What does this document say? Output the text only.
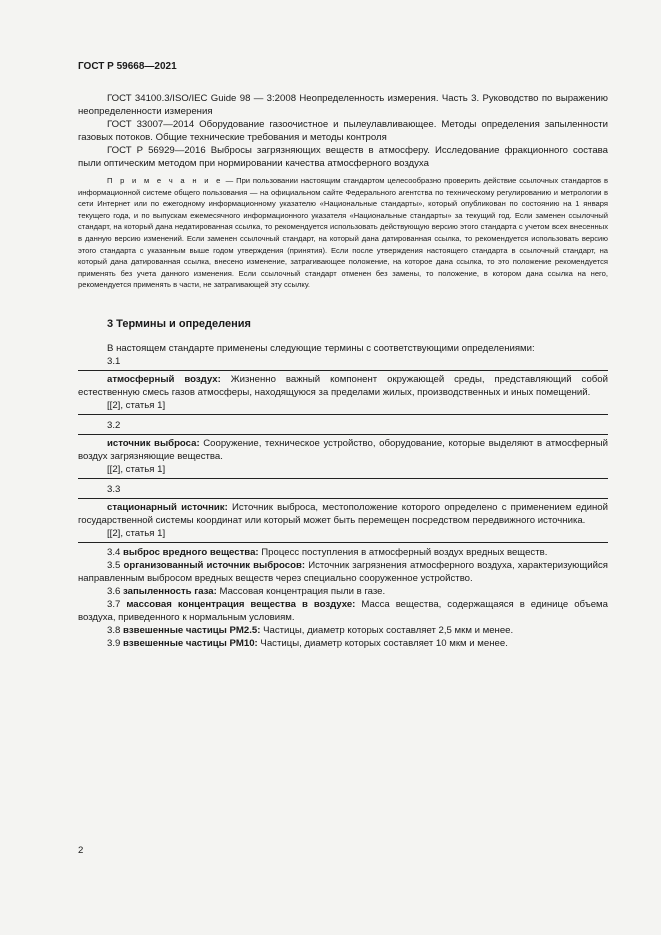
ГОСТ Р 59668—2021

ГОСТ 34100.3/ISO/IEC Guide 98 — 3:2008 Неопределенность измерения. Часть 3. Руководство по выражению неопределенности измерения

ГОСТ 33007—2014 Оборудование газоочистное и пылеулавливающее. Методы определения запыленности газовых потоков. Общие технические требования и методы контроля

ГОСТ Р 56929—2016 Выбросы загрязняющих веществ в атмосферу. Исследование фракционного состава пыли оптическим методом при нормировании качества атмосферного воздуха

П р и м е ч а н и е — При пользовании настоящим стандартом целесообразно проверить действие ссылочных стандартов в информационной системе общего пользования — на официальном сайте Федерального агентства по техническому регулированию и метрологии в сети Интернет или по ежегодному информационному указателю «Национальные стандарты», который опубликован по состоянию на 1 января текущего года, и по выпускам ежемесячного информационного указателя «Национальные стандарты» за текущий год. Если заменен ссылочный стандарт, на который дана недатированная ссылка, то рекомендуется использовать действующую версию этого стандарта с учетом всех внесенных в данную версию изменений. Если заменен ссылочный стандарт, на который дана датированная ссылка, то рекомендуется использовать версию этого стандарта с указанным выше годом утверждения (принятия). Если после утверждения настоящего стандарта в ссылочный стандарт, на который дана датированная ссылка, внесено изменение, затрагивающее положение, на которое дана ссылка, то это положение рекомендуется применять без учета данного изменения. Если ссылочный стандарт отменен без замены, то положение, в котором дана ссылка на него, рекомендуется применять в части, не затрагивающей эту ссылку.

3 Термины и определения

В настоящем стандарте применены следующие термины с соответствующими определениями:

3.1

атмосферный воздух: Жизненно важный компонент окружающей среды, представляющий собой естественную смесь газов атмосферы, находящуюся за пределами жилых, производственных и иных помещений.

[[2], статья 1]
3.2

источник выброса: Сооружение, техническое устройство, оборудование, которые выделяют в атмосферный воздух загрязняющие вещества.

[[2], статья 1]
3.3

стационарный источник: Источник выброса, местоположение которого определено с применением единой государственной системы координат или который может быть перемещен посредством передвижного источника.

[[2], статья 1]

3.4 выброс вредного вещества: Процесс поступления в атмосферный воздух вредных веществ.

3.5 организованный источник выбросов: Источник загрязнения атмосферного воздуха, характеризующийся направленным выбросом вредных веществ через специально сооруженное устройство.

3.6 запыленность газа: Массовая концентрация пыли в газе.

3.7 массовая концентрация вещества в воздухе: Масса вещества, содержащаяся в единице объема воздуха, приведенного к нормальным условиям.

3.8 взвешенные частицы PM2.5: Частицы, диаметр которых составляет 2,5 мкм и менее.

3.9 взвешенные частицы PM10: Частицы, диаметр которых составляет 10 мкм и менее.

2
